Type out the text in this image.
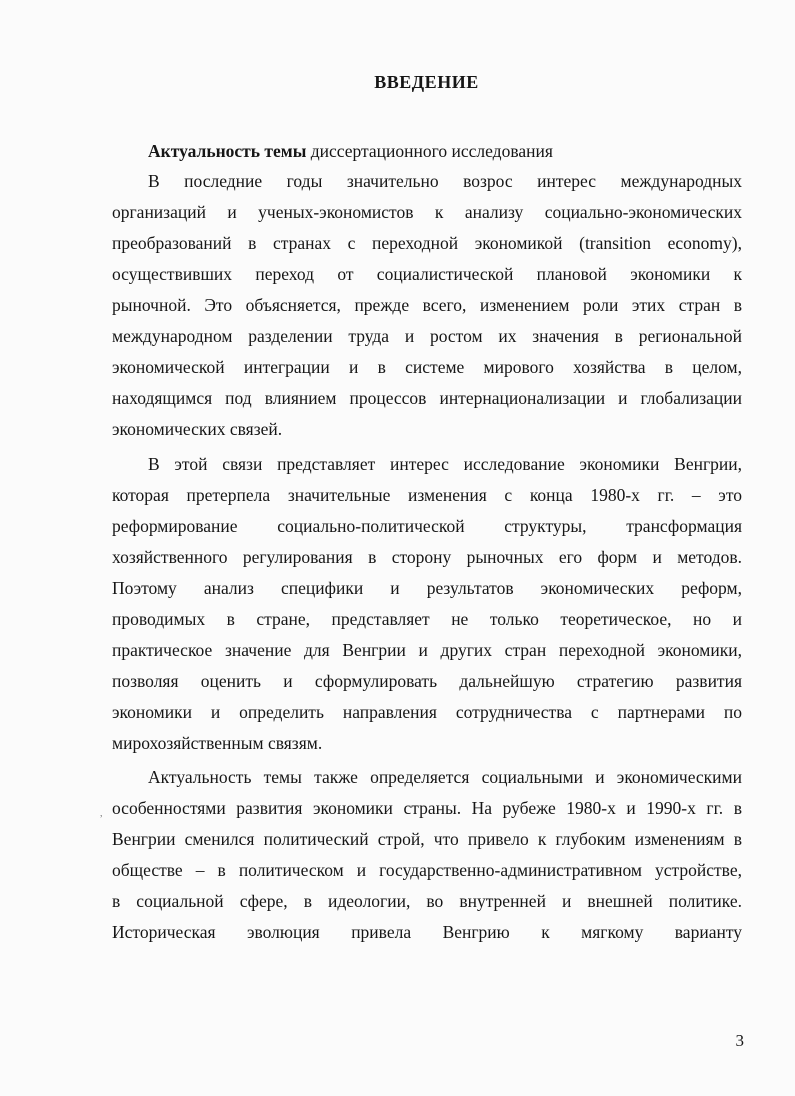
ВВЕДЕНИЕ
Актуальность темы диссертационного исследования
В последние годы значительно возрос интерес международных
организаций и ученых-экономистов к анализу социально-экономических
преобразований в странах с переходной экономикой (transition economy),
осуществивших переход от социалистической плановой экономики к
рыночной. Это объясняется, прежде всего, изменением роли этих стран в
международном разделении труда и ростом их значения в региональной
экономической интеграции и в системе мирового хозяйства в целом,
находящимся под влиянием процессов интернационализации и глобализации
экономических связей.
В этой связи представляет интерес исследование экономики Венгрии,
которая претерпела значительные изменения с конца 1980-х гг. – это
реформирование социально-политической структуры, трансформация
хозяйственного регулирования в сторону рыночных его форм и методов.
Поэтому анализ специфики и результатов экономических реформ,
проводимых в стране, представляет не только теоретическое, но и
практическое значение для Венгрии и других стран переходной экономики,
позволяя оценить и сформулировать дальнейшую стратегию развития
экономики и определить направления сотрудничества с партнерами по
мирохозяйственным связям.
Актуальность темы также определяется социальными и экономическими
особенностями развития экономики страны. На рубеже 1980-х и 1990-х гг. в
Венгрии сменился политический строй, что привело к глубоким изменениям в
обществе – в политическом и государственно-административном устройстве,
в социальной сфере, в идеологии, во внутренней и внешней политике.
Историческая эволюция привела Венгрию к мягкому варианту
,
3
